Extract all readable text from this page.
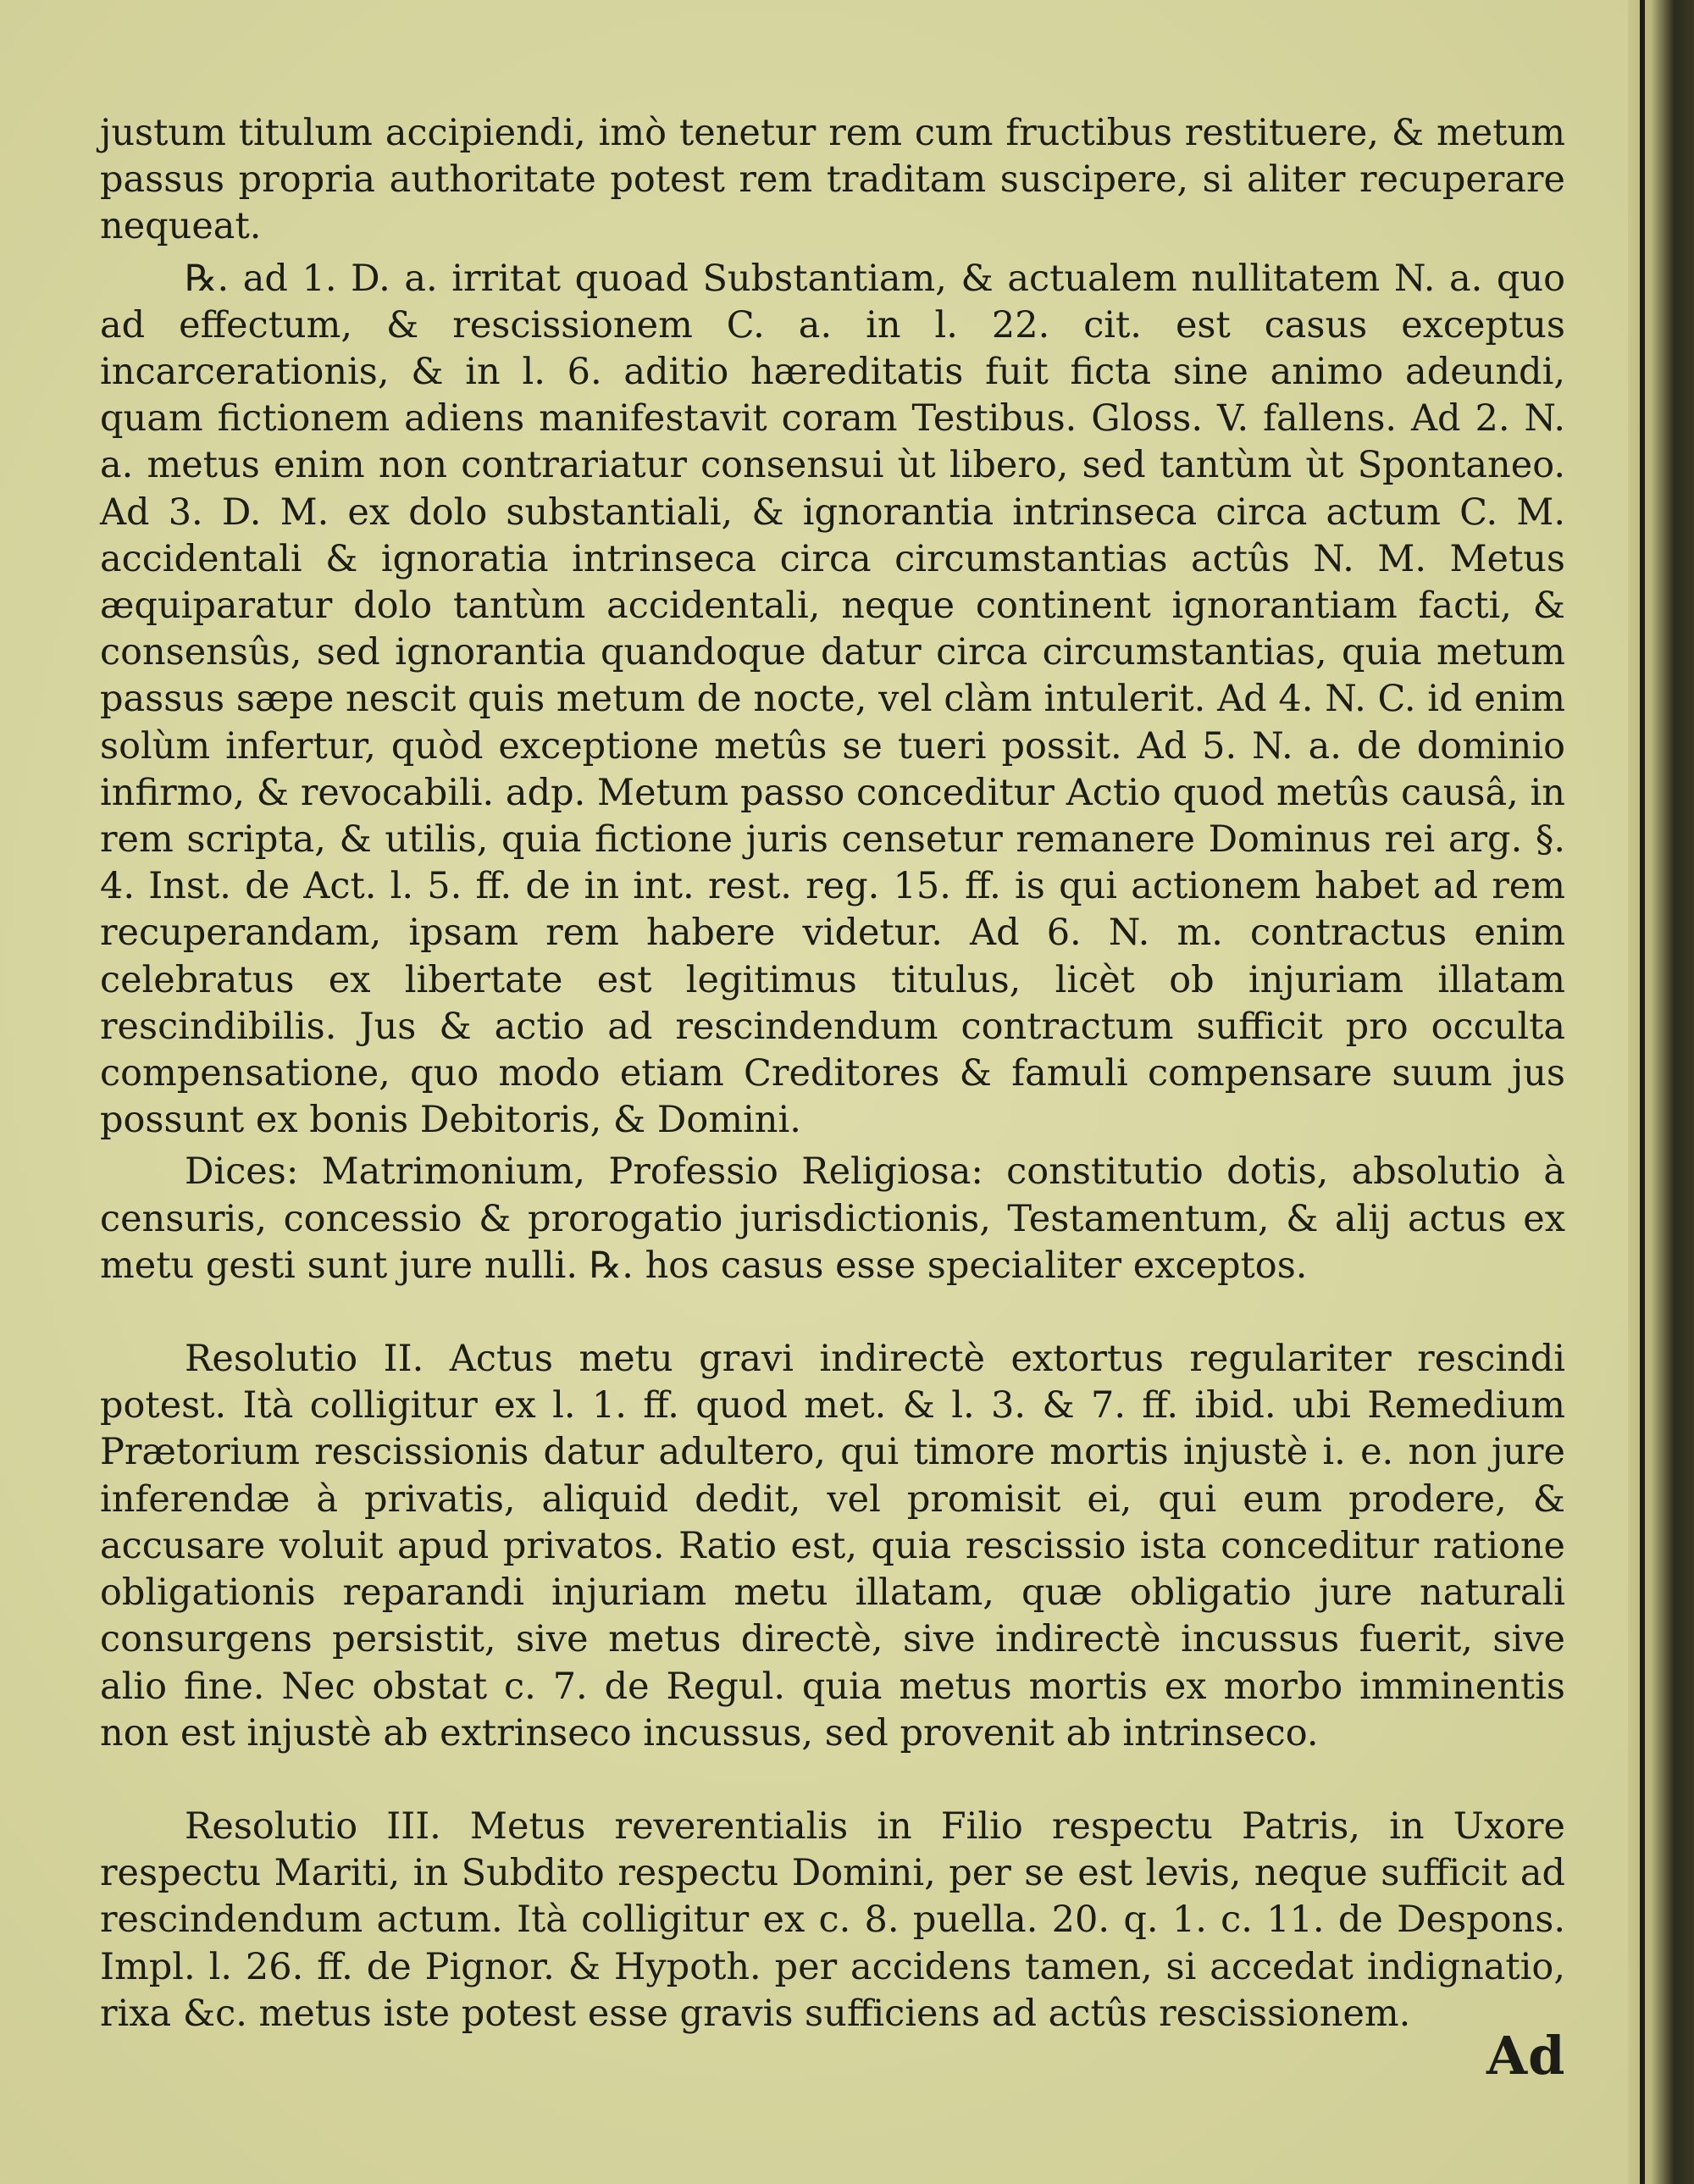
justum titulum accipiendi, imò tenetur rem cum fructibus restituere, & metum passus propria authoritate potest rem traditam suscipere, si aliter recuperare nequeat.

℞. ad 1. D. a. irritat quoad Substantiam, & actualem nullitatem N. a. quo ad effectum, & rescissionem C. a. in l. 22. cit. est casus exceptus incarcerationis, & in l. 6. aditio hæreditatis fuit ficta sine animo adeundi, quam fictionem adiens manifestavit coram Testibus. Gloss. V. fallens. Ad 2. N. a. metus enim non contrariatur consensui ùt libero, sed tantùm ùt Spontaneo. Ad 3. D. M. ex dolo substantiali, & ignorantia intrinseca circa actum C. M. accidentali & ignoratia intrinseca circa circumstantias actûs N. M. Metus æquiparatur dolo tantùm accidentali, neque continent ignorantiam facti, & consensûs, sed ignorantia quandoque datur circa circumstantias, quia metum passus sæpe nescit quis metum de nocte, vel clàm intulerit. Ad 4. N. C. id enim solùm infertur, quòd exceptione metûs se tueri possit. Ad 5. N. a. de dominio infirmo, & revocabili. adp. Metum passo conceditur Actio quod metûs causâ, in rem scripta, & utilis, quia fictione juris censetur remanere Dominus rei arg. §. 4. Inst. de Act. l. 5. ff. de in int. rest. reg. 15. ff. is qui actionem habet ad rem recuperandam, ipsam rem habere videtur. Ad 6. N. m. contractus enim celebratus ex libertate est legitimus titulus, licèt ob injuriam illatam rescindibilis. Jus & actio ad rescindendum contractum sufficit pro occulta compensatione, quo modo etiam Creditores & famuli compensare suum jus possunt ex bonis Debitoris, & Domini.

Dices: Matrimonium, Professio Religiosa: constitutio dotis, absolutio à censuris, concessio & prorogatio jurisdictionis, Testamentum, & alij actus ex metu gesti sunt jure nulli. ℞. hos casus esse specialiter exceptos.

Resolutio II. Actus metu gravi indirectè extortus regulariter rescindi potest. Ità colligitur ex l. 1. ff. quod met. & l. 3. & 7. ff. ibid. ubi Remedium Prætorium rescissionis datur adultero, qui timore mortis injustè i. e. non jure inferendæ à privatis, aliquid dedit, vel promisit ei, qui eum prodere, & accusare voluit apud privatos. Ratio est, quia rescissio ista conceditur ratione obligationis reparandi injuriam metu illatam, quæ obligatio jure naturali consurgens persistit, sive metus directè, sive indirectè incussus fuerit, sive alio fine. Nec obstat c. 7. de Regul. quia metus mortis ex morbo imminentis non est injustè ab extrinseco incussus, sed provenit ab intrinseco.

Resolutio III. Metus reverentialis in Filio respectu Patris, in Uxore respectu Mariti, in Subdito respectu Domini, per se est levis, neque sufficit ad rescindendum actum. Ità colligitur ex c. 8. puella. 20. q. 1. c. 11. de Despons. Impl. l. 26. ff. de Pignor. & Hypoth. per accidens tamen, si accedat indignatio, rixa &c. metus iste potest esse gravis sufficiens ad actûs rescissionem.

Ad
